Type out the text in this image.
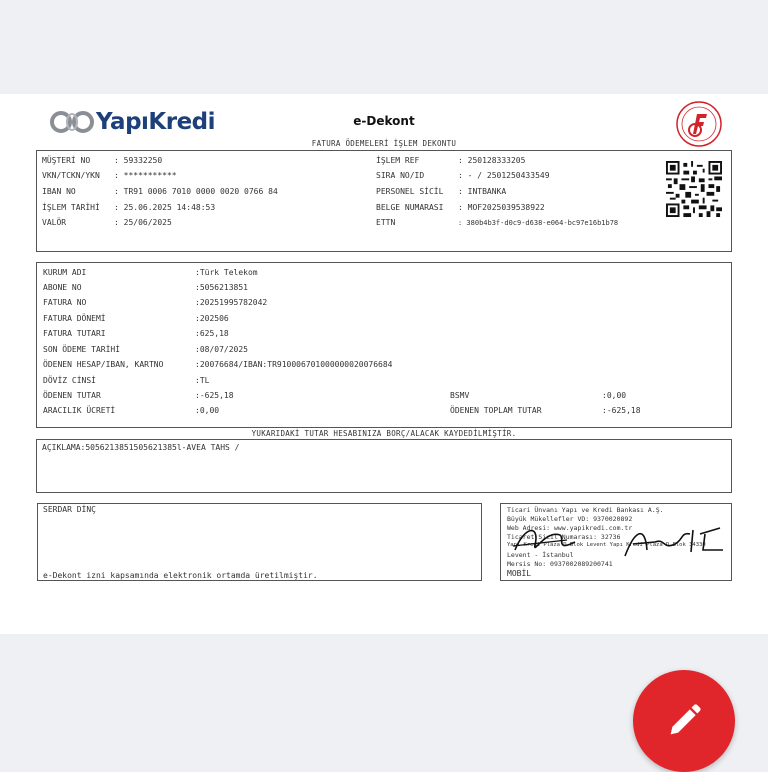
YapıKredi	e-Dekont
FATURA ÖDEMELERİ İŞLEM DEKONTU
MÜŞTERİ NO	: 59332250
VKN/TCKN/YKN : ***********
IBAN NO	: TR91 0006 7010 0000 0020 0766 84
İŞLEM TARİHİ : 25.06.2025 14:48:53
VALÖR	: 25/06/2025
İŞLEM REF	: 250128333205
SIRA NO/ID	: - / 2501250433549
PERSONEL SİCİL : INTBANKA
BELGE NUMARASI : MOF2025039538922
ETTN	: 380b4b3f-d0c9-d638-e064-bc97e16b1b78
KURUM ADI	:Türk Telekom
ABONE NO	:5056213851
FATURA NO	:20251995782042
FATURA DÖNEMİ	:202506
FATURA TUTARI	:625,18
SON ÖDEME TARİHİ	:08/07/2025
ÖDENEN HESAP/IBAN, KARTNO	:20076684/IBAN:TR910006701000000020076684
DÖVİZ CİNSİ	:TL
ÖDENEN TUTAR	:-625,18
ARACILIK ÜCRETİ	:0,00
BSMV	:0,00
ÖDENEN TOPLAM TUTAR	:-625,18
YUKARIDAKİ TUTAR HESABINIZA BORÇ/ALACAK KAYDEDİLMİŞTİR.
AÇIKLAMA:5056213851505621385l-AVEA TAHS /
SERDAR DİNÇ
e-Dekont izni kapsamında elektronik ortamda üretilmiştir.
Ticari Ünvanı Yapı ve Kredi Bankası A.Ş.
Büyük Mükellefler VD: 9370020892
Web Adresi: www.yapikredi.com.tr
Ticaret Sicil Numarası: 32736
Yapı Kredi Plaza D Blok Levent Yapı Kredi Plaza D Blok 34330
Levent - İstanbul
Mersis No: 0937002089200741
MOBİL
